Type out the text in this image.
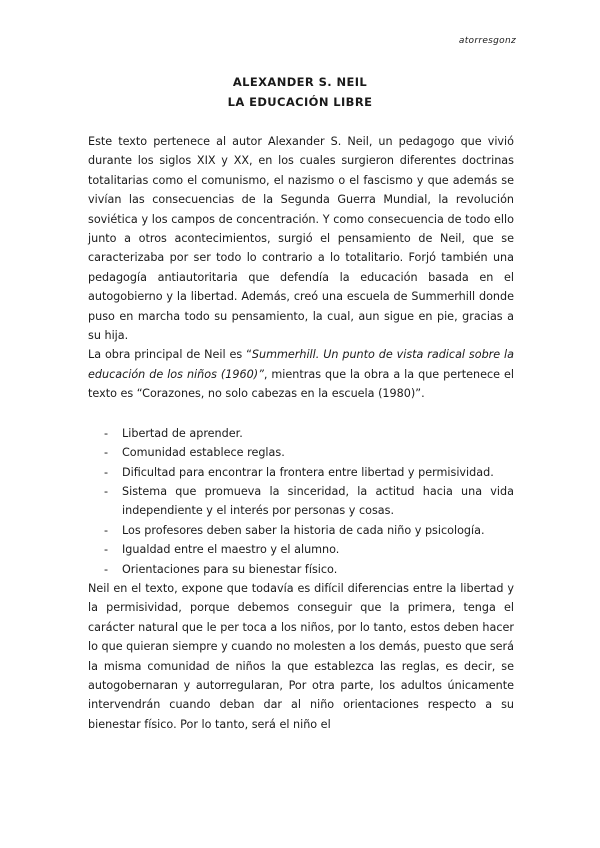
atorresgonz
ALEXANDER S. NEIL
LA EDUCACIÓN LIBRE

Este texto pertenece al autor Alexander S. Neil, un pedagogo que vivió durante los siglos XIX y XX, en los cuales surgieron diferentes doctrinas totalitarias como el comunismo, el nazismo o el fascismo y que además se vivían las consecuencias de la Segunda Guerra Mundial, la revolución soviética y los campos de concentración. Y como consecuencia de todo ello junto a otros acontecimientos, surgió el pensamiento de Neil, que se caracterizaba por ser todo lo contrario a lo totalitario. Forjó también una pedagogía antiautoritaria que defendía la educación basada en el autogobierno y la libertad. Además, creó una escuela de Summerhill donde puso en marcha todo su pensamiento, la cual, aun sigue en pie, gracias a su hija.

La obra principal de Neil es “Summerhill. Un punto de vista radical sobre la educación de los niños (1960)”, mientras que la obra a la que pertenece el texto es “Corazones, no solo cabezas en la escuela (1980)”.

- Libertad de aprender.
- Comunidad establece reglas.
- Dificultad para encontrar la frontera entre libertad y permisividad.
- Sistema que promueva la sinceridad, la actitud hacia una vida independiente y el interés por personas y cosas.
- Los profesores deben saber la historia de cada niño y psicología.
- Igualdad entre el maestro y el alumno.
- Orientaciones para su bienestar físico.

Neil en el texto, expone que todavía es difícil diferencias entre la libertad y la permisividad, porque debemos conseguir que la primera, tenga el carácter natural que le per toca a los niños, por lo tanto, estos deben hacer lo que quieran siempre y cuando no molesten a los demás, puesto que será la misma comunidad de niños la que establezca las reglas, es decir, se autogobernaran y autorregularan, Por otra parte, los adultos únicamente intervendrán cuando deban dar al niño orientaciones respecto a su bienestar físico. Por lo tanto, será el niño el
